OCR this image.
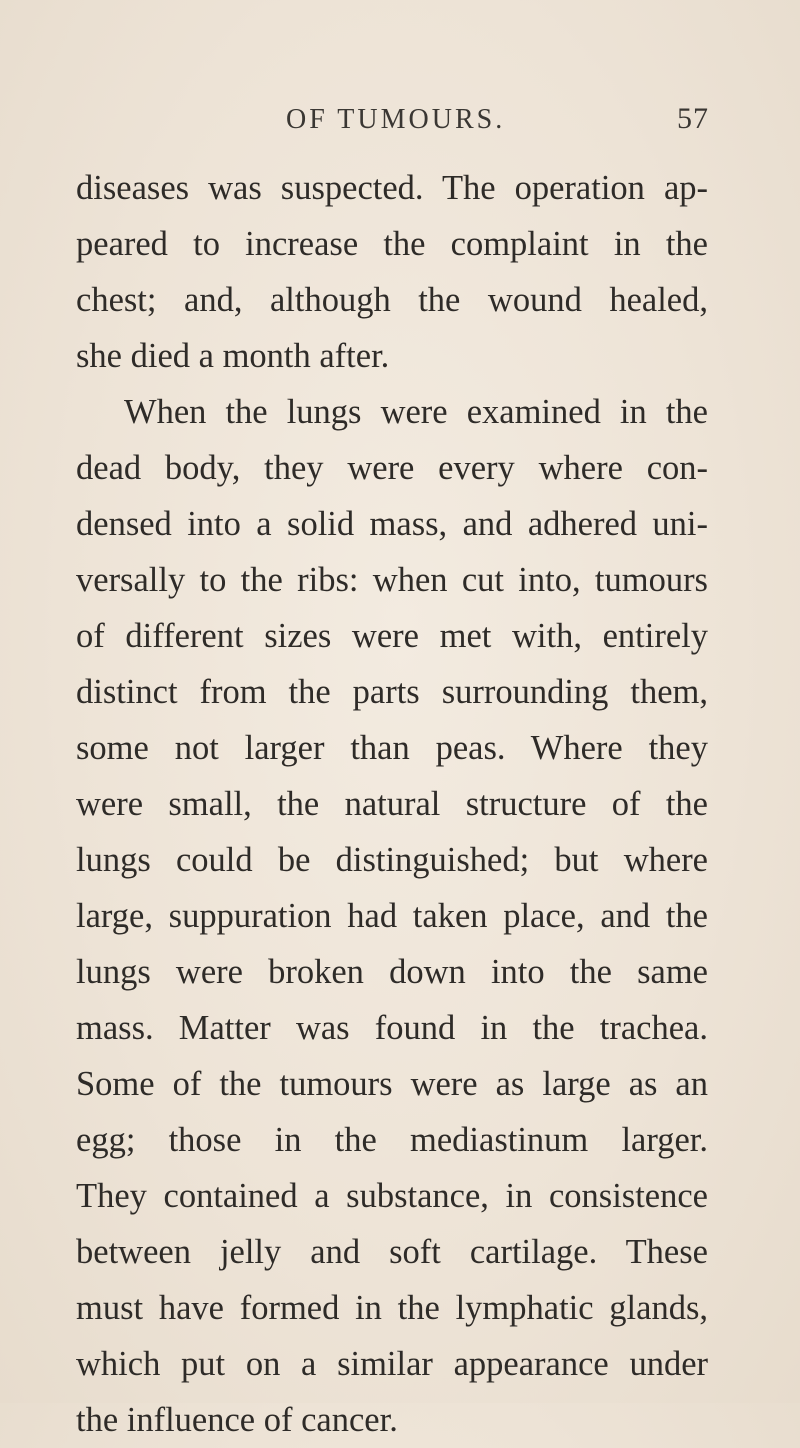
OF TUMOURS.	57
diseases was suspected. The operation ap-
peared to increase the complaint in the
chest; and, although the wound healed,
she died a month after.
When the lungs were examined in the
dead body, they were every where con-
densed into a solid mass, and adhered uni-
versally to the ribs: when cut into, tumours
of different sizes were met with, entirely
distinct from the parts surrounding them,
some not larger than peas. Where they
were small, the natural structure of the
lungs could be distinguished; but where
large, suppuration had taken place, and the
lungs were broken down into the same
mass. Matter was found in the trachea.
Some of the tumours were as large as an
egg; those in the mediastinum larger.
They contained a substance, in consistence
between jelly and soft cartilage. These
must have formed in the lymphatic glands,
which put on a similar appearance under
the influence of cancer.
